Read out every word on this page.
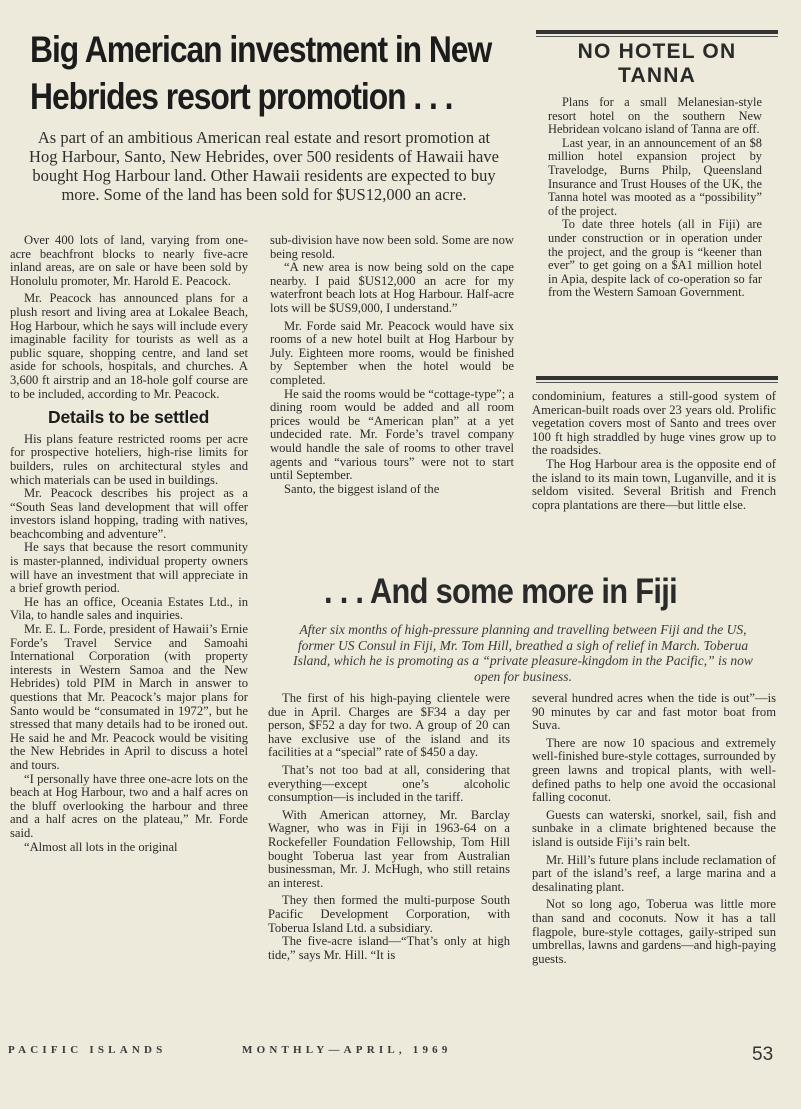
Big American investment in New
Hebrides resort promotion . . .
As part of an ambitious American real estate and resort promotion at Hog Harbour, Santo, New Hebrides, over 500 residents of Hawaii have bought Hog Harbour land. Other Hawaii residents are expected to buy more. Some of the land has been sold for $US12,000 an acre.

Over 400 lots of land, varying from one-acre beachfront blocks to nearly five-acre inland areas, are on sale or have been sold by Honolulu promoter, Mr. Harold E. Peacock.

Mr. Peacock has announced plans for a plush resort and living area at Lokalee Beach, Hog Harbour, which he says will include every imaginable facility for tourists as well as a public square, shopping centre, and land set aside for schools, hospitals, and churches. A 3,600 ft airstrip and an 18-hole golf course are to be included, according to Mr. Peacock.

Details to be settled

His plans feature restricted rooms per acre for prospective hoteliers, high-rise limits for builders, rules on architectural styles and which materials can be used in buildings.

Mr. Peacock describes his project as a “South Seas land development that will offer investors island hopping, trading with natives, beachcombing and adventure”.

He says that because the resort community is master-planned, individual property owners will have an investment that will appreciate in a brief growth period.

He has an office, Oceania Estates Ltd., in Vila, to handle sales and inquiries.

Mr. E. L. Forde, president of Hawaii’s Ernie Forde’s Travel Service and Samoahi International Corporation (with property interests in Western Samoa and the New Hebrides) told PIM in March in answer to questions that Mr. Peacock’s major plans for Santo would be “consumated in 1972”, but he stressed that many details had to be ironed out. He said he and Mr. Peacock would be visiting the New Hebrides in April to discuss a hotel and tours.

“I personally have three one-acre lots on the beach at Hog Harbour, two and a half acres on the bluff overlooking the harbour and three and a half acres on the plateau,” Mr. Forde said.

“Almost all lots in the original

sub-division have now been sold. Some are now being resold.

“A new area is now being sold on the cape nearby. I paid $US12,000 an acre for my waterfront beach lots at Hog Harbour. Half-acre lots will be $US9,000, I understand.”

Mr. Forde said Mr. Peacock would have six rooms of a new hotel built at Hog Harbour by July. Eighteen more rooms, would be finished by September when the hotel would be completed.

He said the rooms would be “cottage-type”; a dining room would be added and all room prices would be “American plan” at a yet undecided rate. Mr. Forde’s travel company would handle the sale of rooms to other travel agents and “various tours” were not to start until September.

Santo, the biggest island of the

NO HOTEL ON
TANNA

Plans for a small Melanesian-style resort hotel on the southern New Hebridean volcano island of Tanna are off.

Last year, in an announcement of an $8 million hotel expansion project by Travelodge, Burns Philp, Queensland Insurance and Trust Houses of the UK, the Tanna hotel was mooted as a “possibility” of the project.

To date three hotels (all in Fiji) are under construction or in operation under the project, and the group is “keener than ever” to get going on a $A1 million hotel in Apia, despite lack of co-operation so far from the Western Samoan Government.

condominium, features a still-good system of American-built roads over 23 years old. Prolific vegetation covers most of Santo and trees over 100 ft high straddled by huge vines grow up to the roadsides.

The Hog Harbour area is the opposite end of the island to its main town, Luganville, and it is seldom visited. Several British and French copra plantations are there—but little else.

. . . And some more in Fiji
After six months of high-pressure planning and travelling between Fiji and the US, former US Consul in Fiji, Mr. Tom Hill, breathed a sigh of relief in March. Toberua Island, which he is promoting as a “private pleasure-kingdom in the Pacific,” is now open for business.

The first of his high-paying clientele were due in April. Charges are $F34 a day per person, $F52 a day for two. A group of 20 can have exclusive use of the island and its facilities at a “special” rate of $450 a day.

That’s not too bad at all, considering that everything—except one’s alcoholic consumption—is included in the tariff.

With American attorney, Mr. Barclay Wagner, who was in Fiji in 1963-64 on a Rockefeller Foundation Fellowship, Tom Hill bought Toberua last year from Australian businessman, Mr. J. McHugh, who still retains an interest.

They then formed the multi-purpose South Pacific Development Corporation, with Toberua Island Ltd. a subsidiary.

The five-acre island—“That’s only at high tide,” says Mr. Hill. “It is

several hundred acres when the tide is out”—is 90 minutes by car and fast motor boat from Suva.

There are now 10 spacious and extremely well-finished bure-style cottages, surrounded by green lawns and tropical plants, with well-defined paths to help one avoid the occasional falling coconut.

Guests can waterski, snorkel, sail, fish and sunbake in a climate brightened because the island is outside Fiji’s rain belt.

Mr. Hill’s future plans include reclamation of part of the island’s reef, a large marina and a desalinating plant.

Not so long ago, Toberua was little more than sand and coconuts. Now it has a tall flagpole, bure-style cottages, gaily-striped sun umbrellas, lawns and gardens—and high-paying guests.

PACIFIC ISLANDS	MONTHLY—APRIL, 1969	53
